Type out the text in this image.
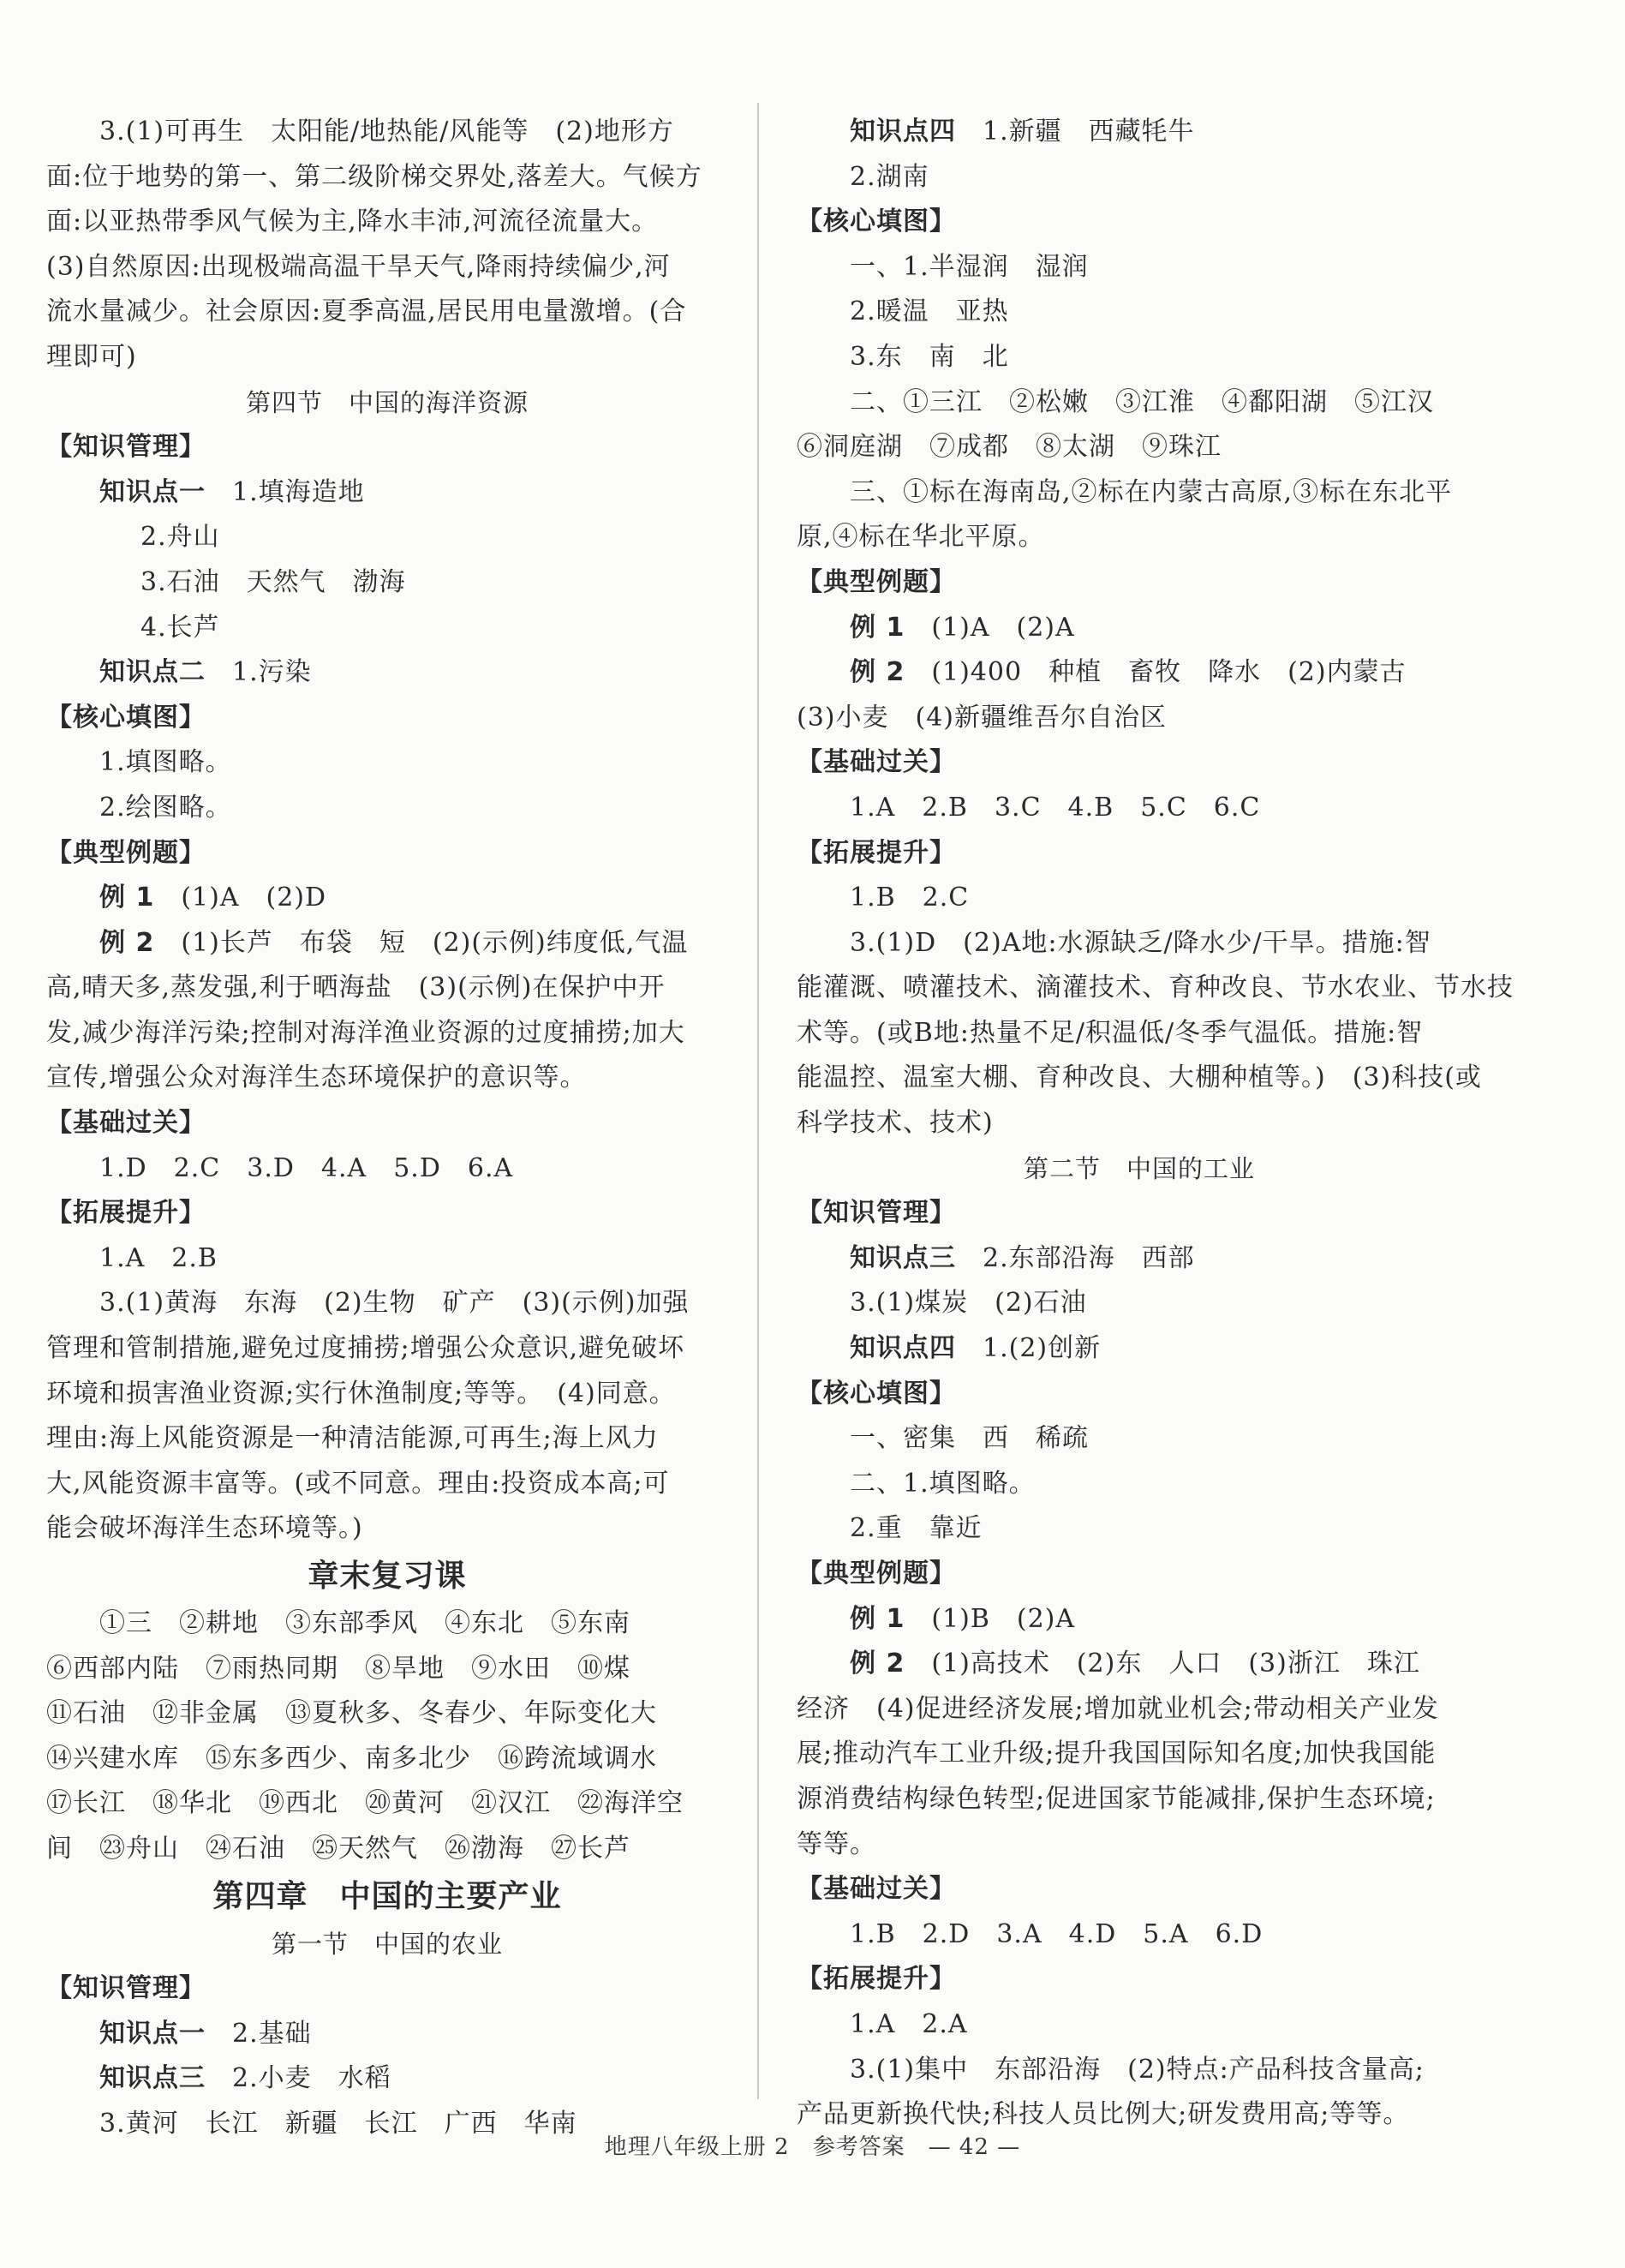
3.(1)可再生　太阳能/地热能/风能等　(2)地形方
面:位于地势的第一、第二级阶梯交界处,落差大。气候方
面:以亚热带季风气候为主,降水丰沛,河流径流量大。
(3)自然原因:出现极端高温干旱天气,降雨持续偏少,河
流水量减少。社会原因:夏季高温,居民用电量激增。(合
理即可)
第四节　中国的海洋资源
【知识管理】
知识点一　1.填海造地
2.舟山
3.石油　天然气　渤海
4.长芦
知识点二　1.污染
【核心填图】
1.填图略。
2.绘图略。
【典型例题】
例 1　(1)A　(2)D
例 2　(1)长芦　布袋　短　(2)(示例)纬度低,气温
高,晴天多,蒸发强,利于晒海盐　(3)(示例)在保护中开
发,减少海洋污染;控制对海洋渔业资源的过度捕捞;加大
宣传,增强公众对海洋生态环境保护的意识等。
【基础过关】
1.D　2.C　3.D　4.A　5.D　6.A
【拓展提升】
1.A　2.B
3.(1)黄海　东海　(2)生物　矿产　(3)(示例)加强
管理和管制措施,避免过度捕捞;增强公众意识,避免破坏
环境和损害渔业资源;实行休渔制度;等等。　(4)同意。
理由:海上风能资源是一种清洁能源,可再生;海上风力
大,风能资源丰富等。(或不同意。理由:投资成本高;可
能会破坏海洋生态环境等。)
章末复习课
①三　②耕地　③东部季风　④东北　⑤东南
⑥西部内陆　⑦雨热同期　⑧旱地　⑨水田　⑩煤
⑪石油　⑫非金属　⑬夏秋多、冬春少、年际变化大
⑭兴建水库　⑮东多西少、南多北少　⑯跨流域调水
⑰长江　⑱华北　⑲西北　⑳黄河　㉑汉江　㉒海洋空
间　㉓舟山　㉔石油　㉕天然气　㉖渤海　㉗长芦
第四章　中国的主要产业
第一节　中国的农业
【知识管理】
知识点一　2.基础
知识点三　2.小麦　水稻
3.黄河　长江　新疆　长江　广西　华南
知识点四　1.新疆　西藏牦牛
2.湖南
【核心填图】
一、1.半湿润　湿润
2.暖温　亚热
3.东　南　北
二、①三江　②松嫩　③江淮　④鄱阳湖　⑤江汉
⑥洞庭湖　⑦成都　⑧太湖　⑨珠江
三、①标在海南岛,②标在内蒙古高原,③标在东北平
原,④标在华北平原。
【典型例题】
例 1　(1)A　(2)A
例 2　(1)400　种植　畜牧　降水　(2)内蒙古
(3)小麦　(4)新疆维吾尔自治区
【基础过关】
1.A　2.B　3.C　4.B　5.C　6.C
【拓展提升】
1.B　2.C
3.(1)D　(2)A地:水源缺乏/降水少/干旱。措施:智
能灌溉、喷灌技术、滴灌技术、育种改良、节水农业、节水技
术等。(或B地:热量不足/积温低/冬季气温低。措施:智
能温控、温室大棚、育种改良、大棚种植等。)　(3)科技(或
科学技术、技术)
第二节　中国的工业
【知识管理】
知识点三　2.东部沿海　西部
3.(1)煤炭　(2)石油
知识点四　1.(2)创新
【核心填图】
一、密集　西　稀疏
二、1.填图略。
2.重　靠近
【典型例题】
例 1　(1)B　(2)A
例 2　(1)高技术　(2)东　人口　(3)浙江　珠江
经济　(4)促进经济发展;增加就业机会;带动相关产业发
展;推动汽车工业升级;提升我国国际知名度;加快我国能
源消费结构绿色转型;促进国家节能减排,保护生态环境;
等等。
【基础过关】
1.B　2.D　3.A　4.D　5.A　6.D
【拓展提升】
1.A　2.A
3.(1)集中　东部沿海　(2)特点:产品科技含量高;
产品更新换代快;科技人员比例大;研发费用高;等等。
地理八年级上册 2　参考答案　— 42 —
